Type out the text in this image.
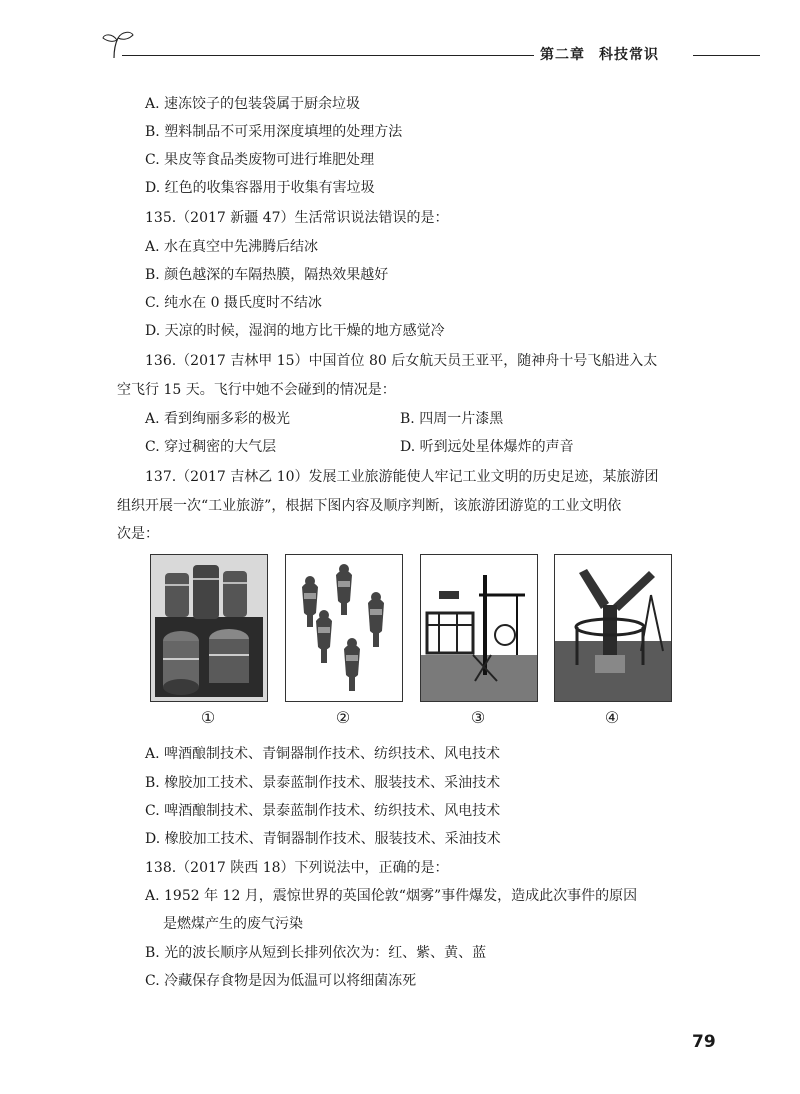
第二章 科技常识
A. 速冻饺子的包装袋属于厨余垃圾
B. 塑料制品不可采用深度填埋的处理方法
C. 果皮等食品类废物可进行堆肥处理
D. 红色的收集容器用于收集有害垃圾
135.（2017 新疆 47）生活常识说法错误的是：
A. 水在真空中先沸腾后结冰
B. 颜色越深的车隔热膜，隔热效果越好
C. 纯水在 0 摄氏度时不结冰
D. 天凉的时候，湿润的地方比干燥的地方感觉冷
136.（2017 吉林甲 15）中国首位 80 后女航天员王亚平，随神舟十号飞船进入太
空飞行 15 天。飞行中她不会碰到的情况是：
A. 看到绚丽多彩的极光	B. 四周一片漆黑
C. 穿过稠密的大气层	D. 听到远处星体爆炸的声音
137.（2017 吉林乙 10）发展工业旅游能使人牢记工业文明的历史足迹，某旅游团
组织开展一次“工业旅游”，根据下图内容及顺序判断，该旅游团游览的工业文明依
次是：
①	②	③	④
A. 啤酒酿制技术、青铜器制作技术、纺织技术、风电技术
B. 橡胶加工技术、景泰蓝制作技术、服装技术、采油技术
C. 啤酒酿制技术、景泰蓝制作技术、纺织技术、风电技术
D. 橡胶加工技术、青铜器制作技术、服装技术、采油技术
138.（2017 陕西 18）下列说法中，正确的是：
A. 1952 年 12 月，震惊世界的英国伦敦“烟雾”事件爆发，造成此次事件的原因
是燃煤产生的废气污染
B. 光的波长顺序从短到长排列依次为：红、紫、黄、蓝
C. 冷藏保存食物是因为低温可以将细菌冻死
79
